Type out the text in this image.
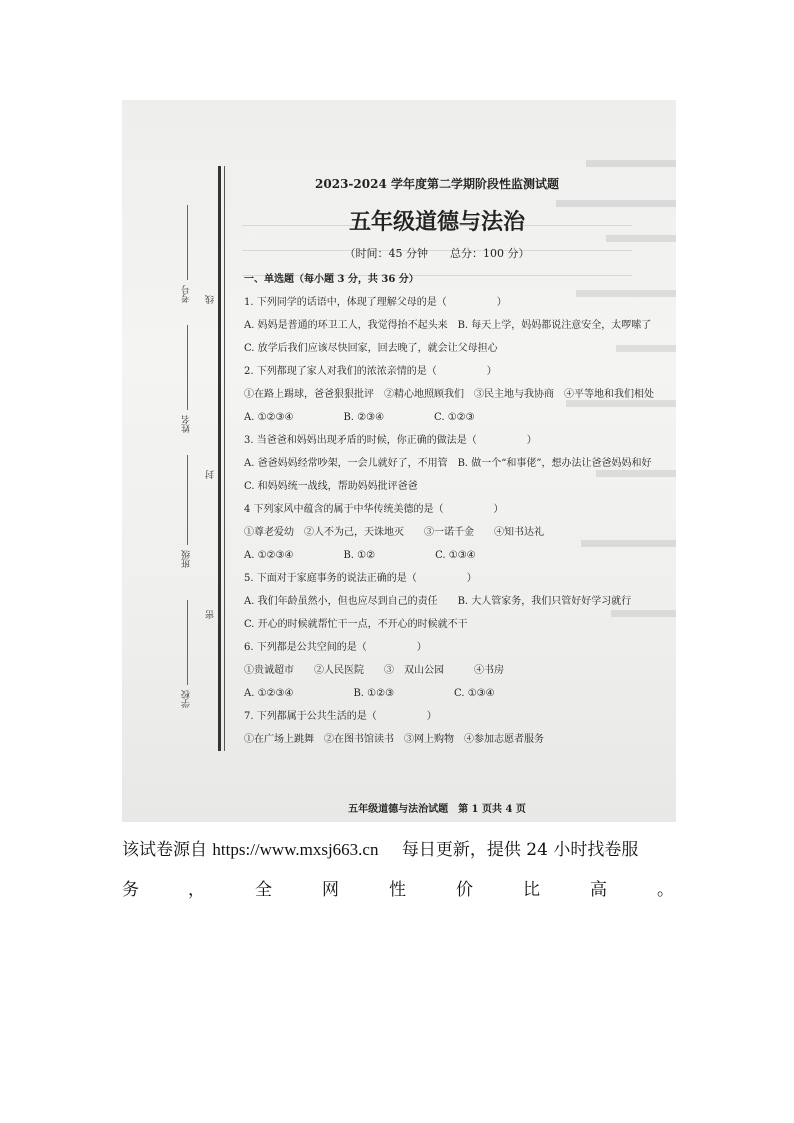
考号 线
姓名
封
班级
密
学校
2023-2024 学年度第二学期阶段性监测试题
五年级道德与法治
（时间：45 分钟　　总分：100 分）
一、单选题（每小题 3 分，共 36 分）
1. 下列同学的话语中，体现了理解父母的是（　　　　　）
A. 妈妈是普通的环卫工人，我觉得抬不起头来　B. 每天上学，妈妈都说注意安全，太啰嗦了
C. 放学后我们应该尽快回家，回去晚了，就会让父母担心
2. 下列都现了家人对我们的浓浓亲情的是（　　　　　）
①在路上踢球，爸爸狠狠批评　②精心地照顾我们　③民主地与我协商　④平等地和我们相处
A. ①②③④　　　　　B. ②③④　　　　　C. ①②③
3. 当爸爸和妈妈出现矛盾的时候，你正确的做法是（　　　　　）
A. 爸爸妈妈经常吵架，一会儿就好了，不用管　B. 做一个“和事佬”，想办法让爸爸妈妈和好
C. 和妈妈统一战线，帮助妈妈批评爸爸
4 下列家风中蕴含的属于中华传统美德的是（　　　　　）
①尊老爱幼　②人不为己，天诛地灭　　③一诺千金　　④知书达礼
A. ①②③④　　　　　B. ①②　　　　　　C. ①③④
5. 下面对于家庭事务的说法正确的是（　　　　　）
A. 我们年龄虽然小，但也应尽到自己的责任　　B. 大人管家务，我们只管好好学习就行
C. 开心的时候就帮忙干一点，不开心的时候就不干
6. 下列都是公共空间的是（　　　　　）
①贵诚超市　　②人民医院　　③　双山公园　　　④书房
A. ①②③④　　　　　　B. ①②③　　　　　　C. ①③④
7. 下列都属于公共生活的是（　　　　　）
①在广场上跳舞　②在图书馆读书　③网上购物　④参加志愿者服务
五年级道德与法治试题　第 1 页共 4 页
该试卷源自 https://www.mxsj663.cn 每日更新，提供 24 小时找卷服
务	，	全	网	性	价	比	高	。
